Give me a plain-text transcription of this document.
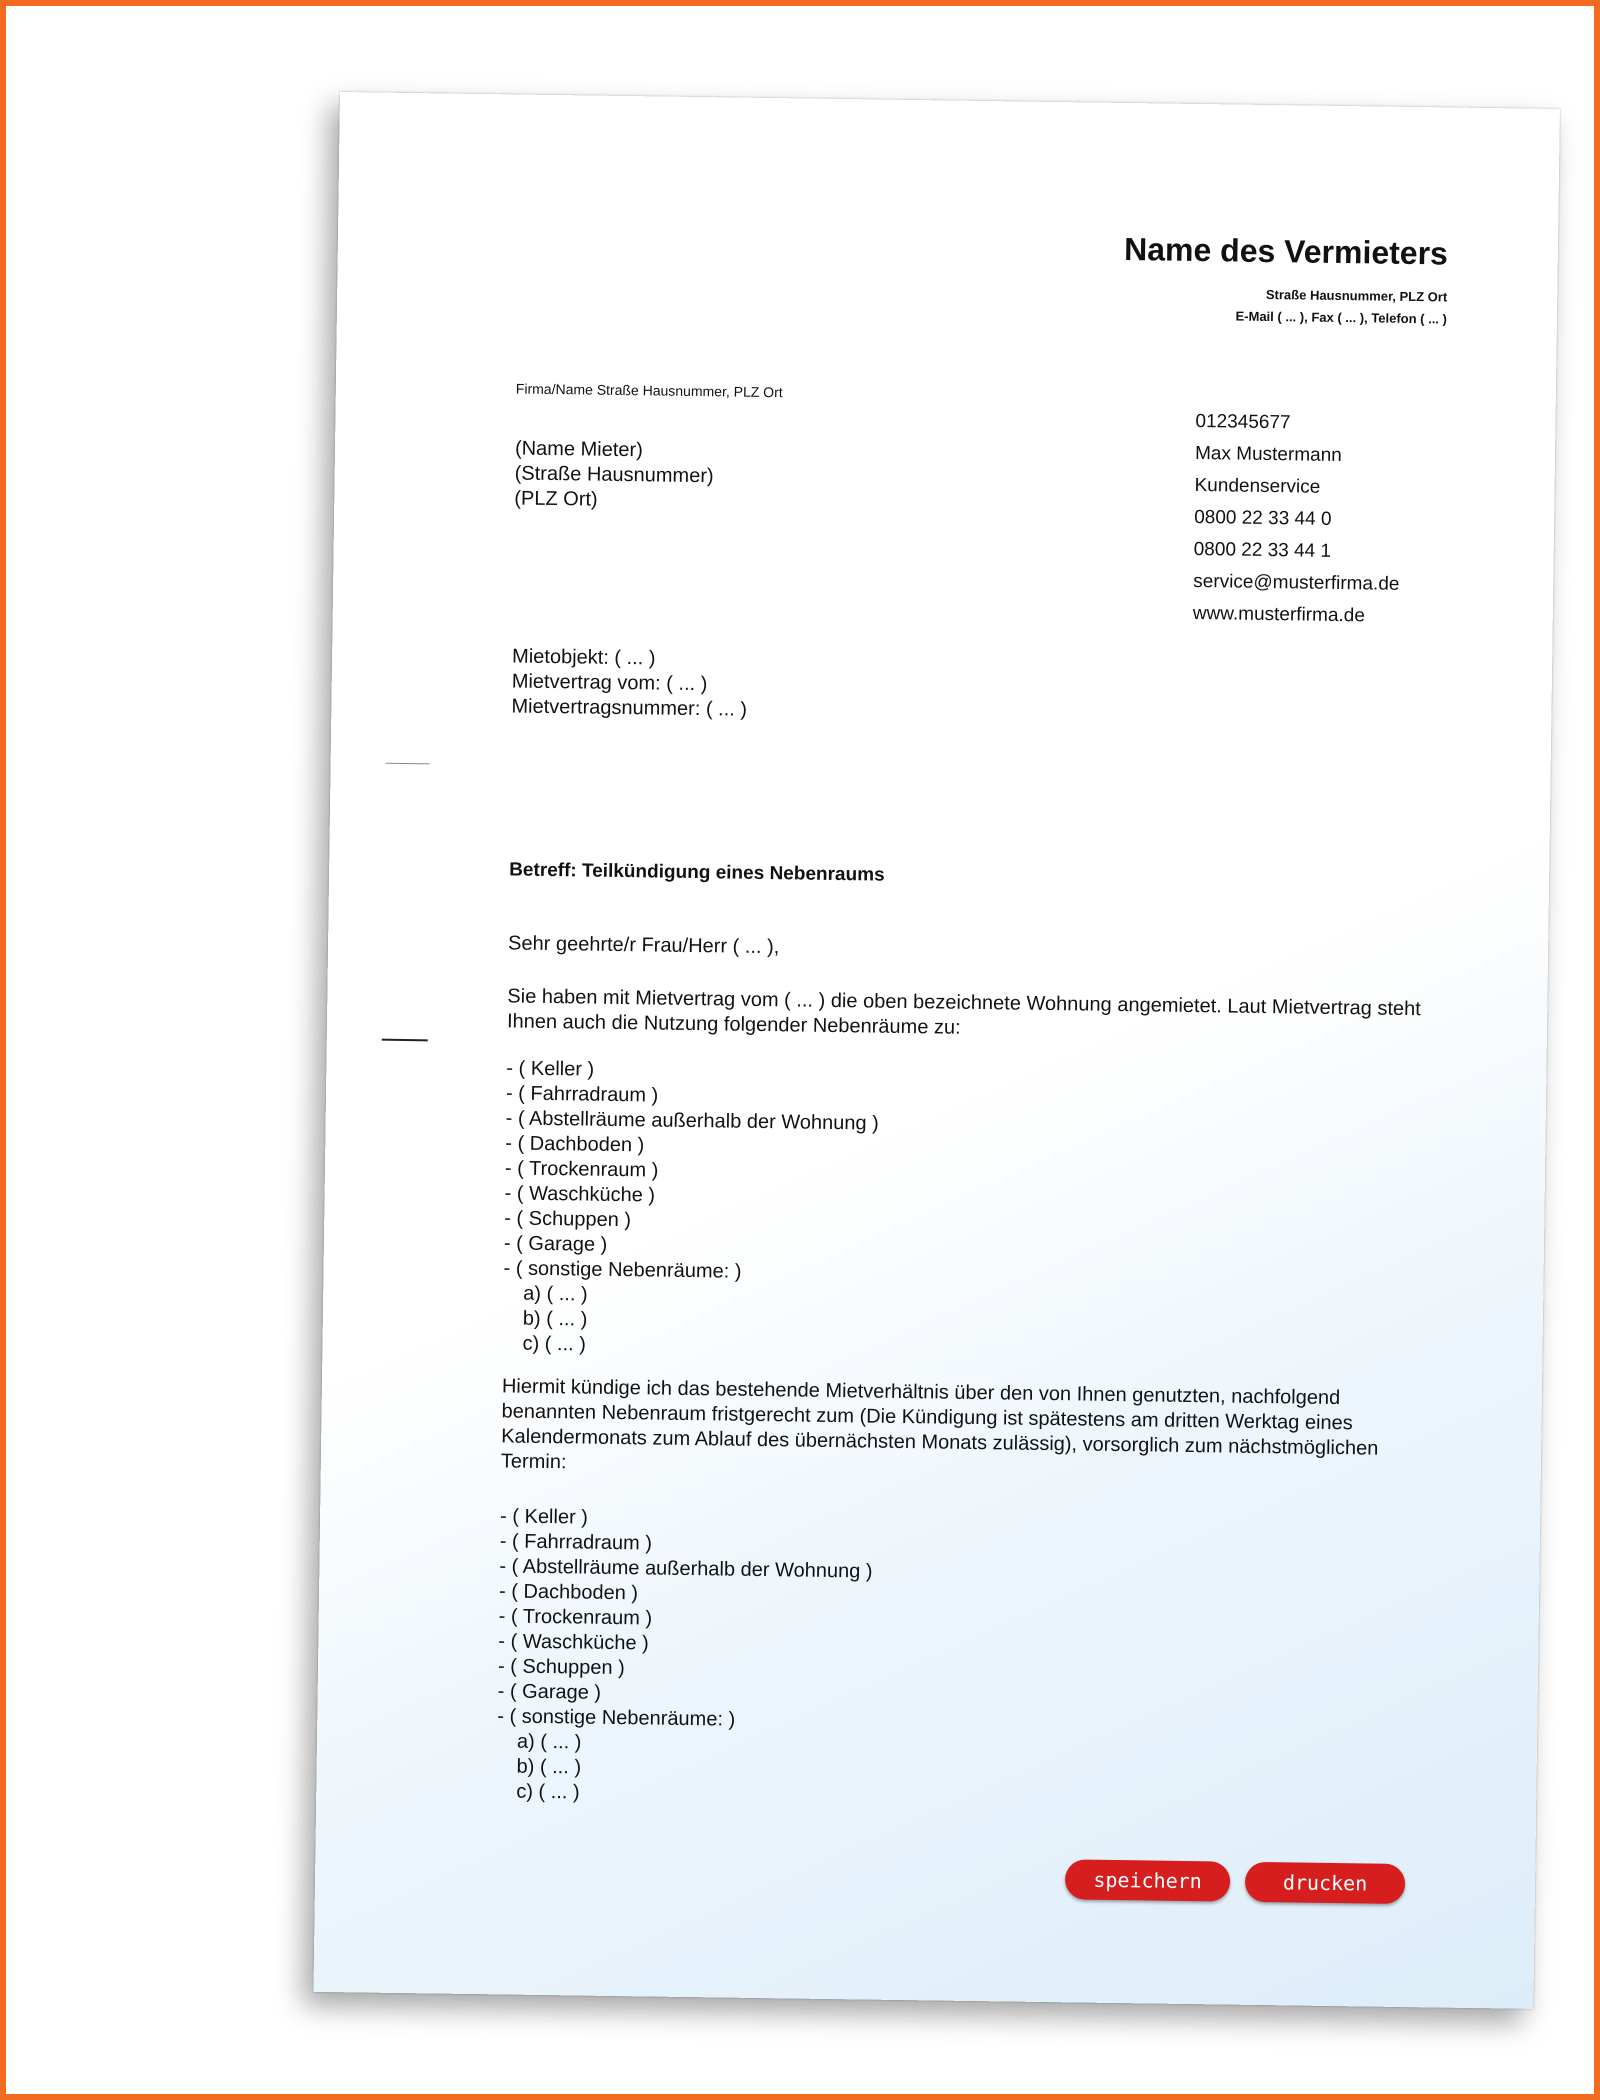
Name des Vermieters
Straße Hausnummer, PLZ Ort
E-Mail ( ... ), Fax ( ... ), Telefon ( ... )
Firma/Name Straße Hausnummer, PLZ Ort
(Name Mieter)
(Straße Hausnummer)
(PLZ Ort)
012345677
Max Mustermann
Kundenservice
0800 22 33 44 0
0800 22 33 44 1
service@musterfirma.de
www.musterfirma.de
Mietobjekt: ( ... )
Mietvertrag vom: ( ... )
Mietvertragsnummer: ( ... )
Betreff: Teilkündigung eines Nebenraums
Sehr geehrte/r Frau/Herr ( ... ),
Sie haben mit Mietvertrag vom ( ... ) die oben bezeichnete Wohnung angemietet. Laut Mietvertrag steht Ihnen auch die Nutzung folgender Nebenräume zu:
- ( Keller )
- ( Fahrradraum )
- ( Abstellräume außerhalb der Wohnung )
- ( Dachboden )
- ( Trockenraum )
- ( Waschküche )
- ( Schuppen )
- ( Garage )
- ( sonstige Nebenräume: )
a) ( ... )
b) ( ... )
c) ( ... )
Hiermit kündige ich das bestehende Mietverhältnis über den von Ihnen genutzten, nachfolgend benannten Nebenraum fristgerecht zum (Die Kündigung ist spätestens am dritten Werktag eines Kalendermonats zum Ablauf des übernächsten Monats zulässig), vorsorglich zum nächstmöglichen Termin:
- ( Keller )
- ( Fahrradraum )
- ( Abstellräume außerhalb der Wohnung )
- ( Dachboden )
- ( Trockenraum )
- ( Waschküche )
- ( Schuppen )
- ( Garage )
- ( sonstige Nebenräume: )
a) ( ... )
b) ( ... )
c) ( ... )
speichern	drucken
